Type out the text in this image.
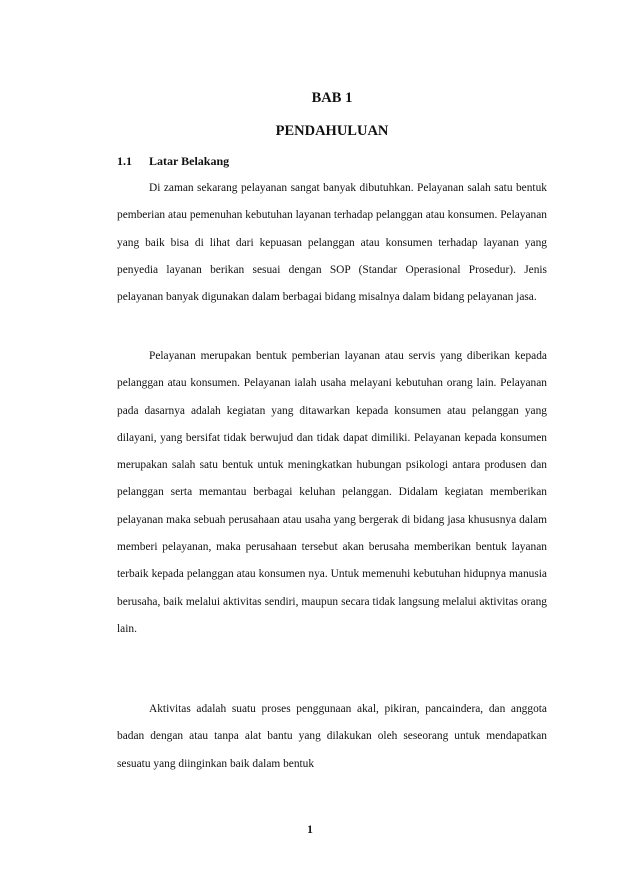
BAB 1
PENDAHULUAN
1.1 Latar Belakang

Di zaman sekarang pelayanan sangat banyak dibutuhkan. Pelayanan salah satu bentuk pemberian atau pemenuhan kebutuhan layanan terhadap pelanggan atau konsumen. Pelayanan yang baik bisa di lihat dari kepuasan pelanggan atau konsumen terhadap layanan yang penyedia layanan berikan sesuai dengan SOP (Standar Operasional Prosedur). Jenis pelayanan banyak digunakan dalam berbagai bidang misalnya dalam bidang pelayanan jasa.

Pelayanan merupakan bentuk pemberian layanan atau servis yang diberikan kepada pelanggan atau konsumen. Pelayanan ialah usaha melayani kebutuhan orang lain. Pelayanan pada dasarnya adalah kegiatan yang ditawarkan kepada konsumen atau pelanggan yang dilayani, yang bersifat tidak berwujud dan tidak dapat dimiliki. Pelayanan kepada konsumen merupakan salah satu bentuk untuk meningkatkan hubungan psikologi antara produsen dan pelanggan serta memantau berbagai keluhan pelanggan. Didalam kegiatan memberikan pelayanan maka sebuah perusahaan atau usaha yang bergerak di bidang jasa khususnya dalam memberi pelayanan, maka perusahaan tersebut akan berusaha memberikan bentuk layanan terbaik kepada pelanggan atau konsumen nya. Untuk memenuhi kebutuhan hidupnya manusia berusaha, baik melalui aktivitas sendiri, maupun secara tidak langsung melalui aktivitas orang lain.

Aktivitas adalah suatu proses penggunaan akal, pikiran, pancaindera, dan anggota badan dengan atau tanpa alat bantu yang dilakukan oleh seseorang untuk mendapatkan sesuatu yang diinginkan baik dalam bentuk

1
